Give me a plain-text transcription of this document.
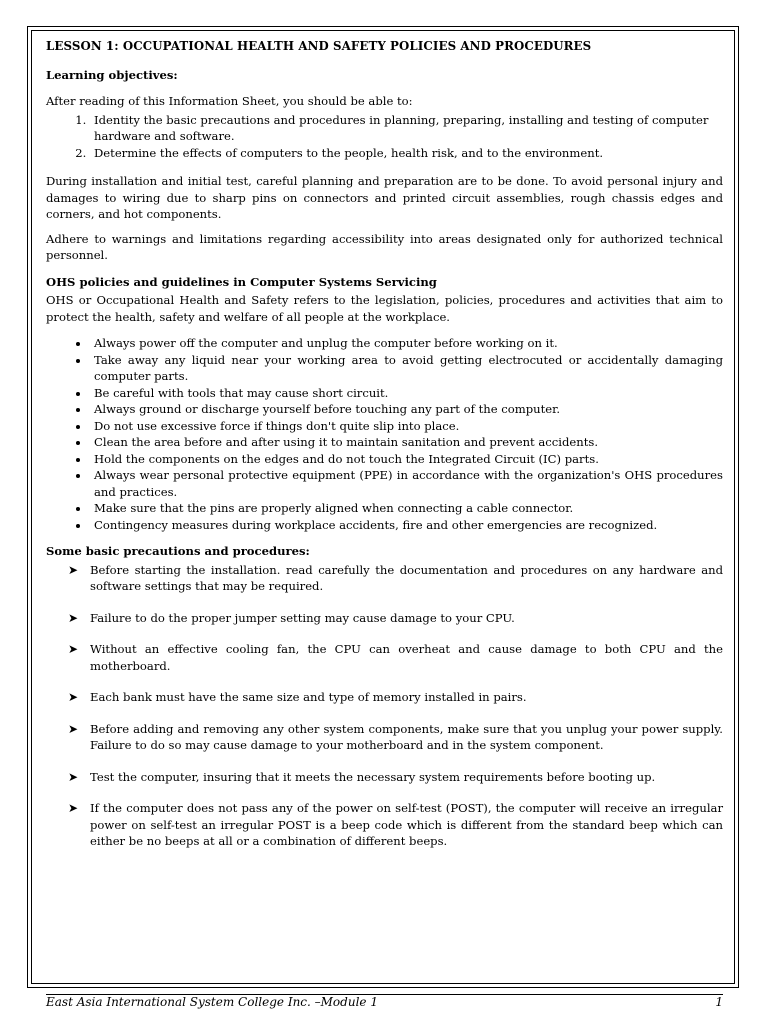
LESSON 1: OCCUPATIONAL HEALTH AND SAFETY POLICIES AND PROCEDURES
Learning objectives:

After reading of this Information Sheet, you should be able to:

1. Identity the basic precautions and procedures in planning, preparing, installing and testing of computer hardware and software.
2. Determine the effects of computers to the people, health risk, and to the environment.

During installation and initial test, careful planning and preparation are to be done. To avoid personal injury and damages to wiring due to sharp pins on connectors and printed circuit assemblies, rough chassis edges and corners, and hot components.

Adhere to warnings and limitations regarding accessibility into areas designated only for authorized technical personnel.

OHS policies and guidelines in Computer Systems Servicing

OHS or Occupational Health and Safety refers to the legislation, policies, procedures and activities that aim to protect the health, safety and welfare of all people at the workplace.

• Always power off the computer and unplug the computer before working on it.
• Take away any liquid near your working area to avoid getting electrocuted or accidentally damaging computer parts.
• Be careful with tools that may cause short circuit.
• Always ground or discharge yourself before touching any part of the computer.
• Do not use excessive force if things don't quite slip into place.
• Clean the area before and after using it to maintain sanitation and prevent accidents.
• Hold the components on the edges and do not touch the Integrated Circuit (IC) parts.
• Always wear personal protective equipment (PPE) in accordance with the organization's OHS procedures and practices.
• Make sure that the pins are properly aligned when connecting a cable connector.
• Contingency measures during workplace accidents, fire and other emergencies are recognized.
Some basic precautions and procedures:
➤ Before starting the installation. read carefully the documentation and procedures on any hardware and software settings that may be required.
➤ Failure to do the proper jumper setting may cause damage to your CPU.
➤ Without an effective cooling fan, the CPU can overheat and cause damage to both CPU and the motherboard.
➤ Each bank must have the same size and type of memory installed in pairs.
➤ Before adding and removing any other system components, make sure that you unplug your power supply. Failure to do so may cause damage to your motherboard and in the system component.
➤ Test the computer, insuring that it meets the necessary system requirements before booting up.
➤ If the computer does not pass any of the power on self-test (POST), the computer will receive an irregular power on self-test an irregular POST is a beep code which is different from the standard beep which can either be no beeps at all or a combination of different beeps.
East Asia International System College Inc. –Module 1	1
